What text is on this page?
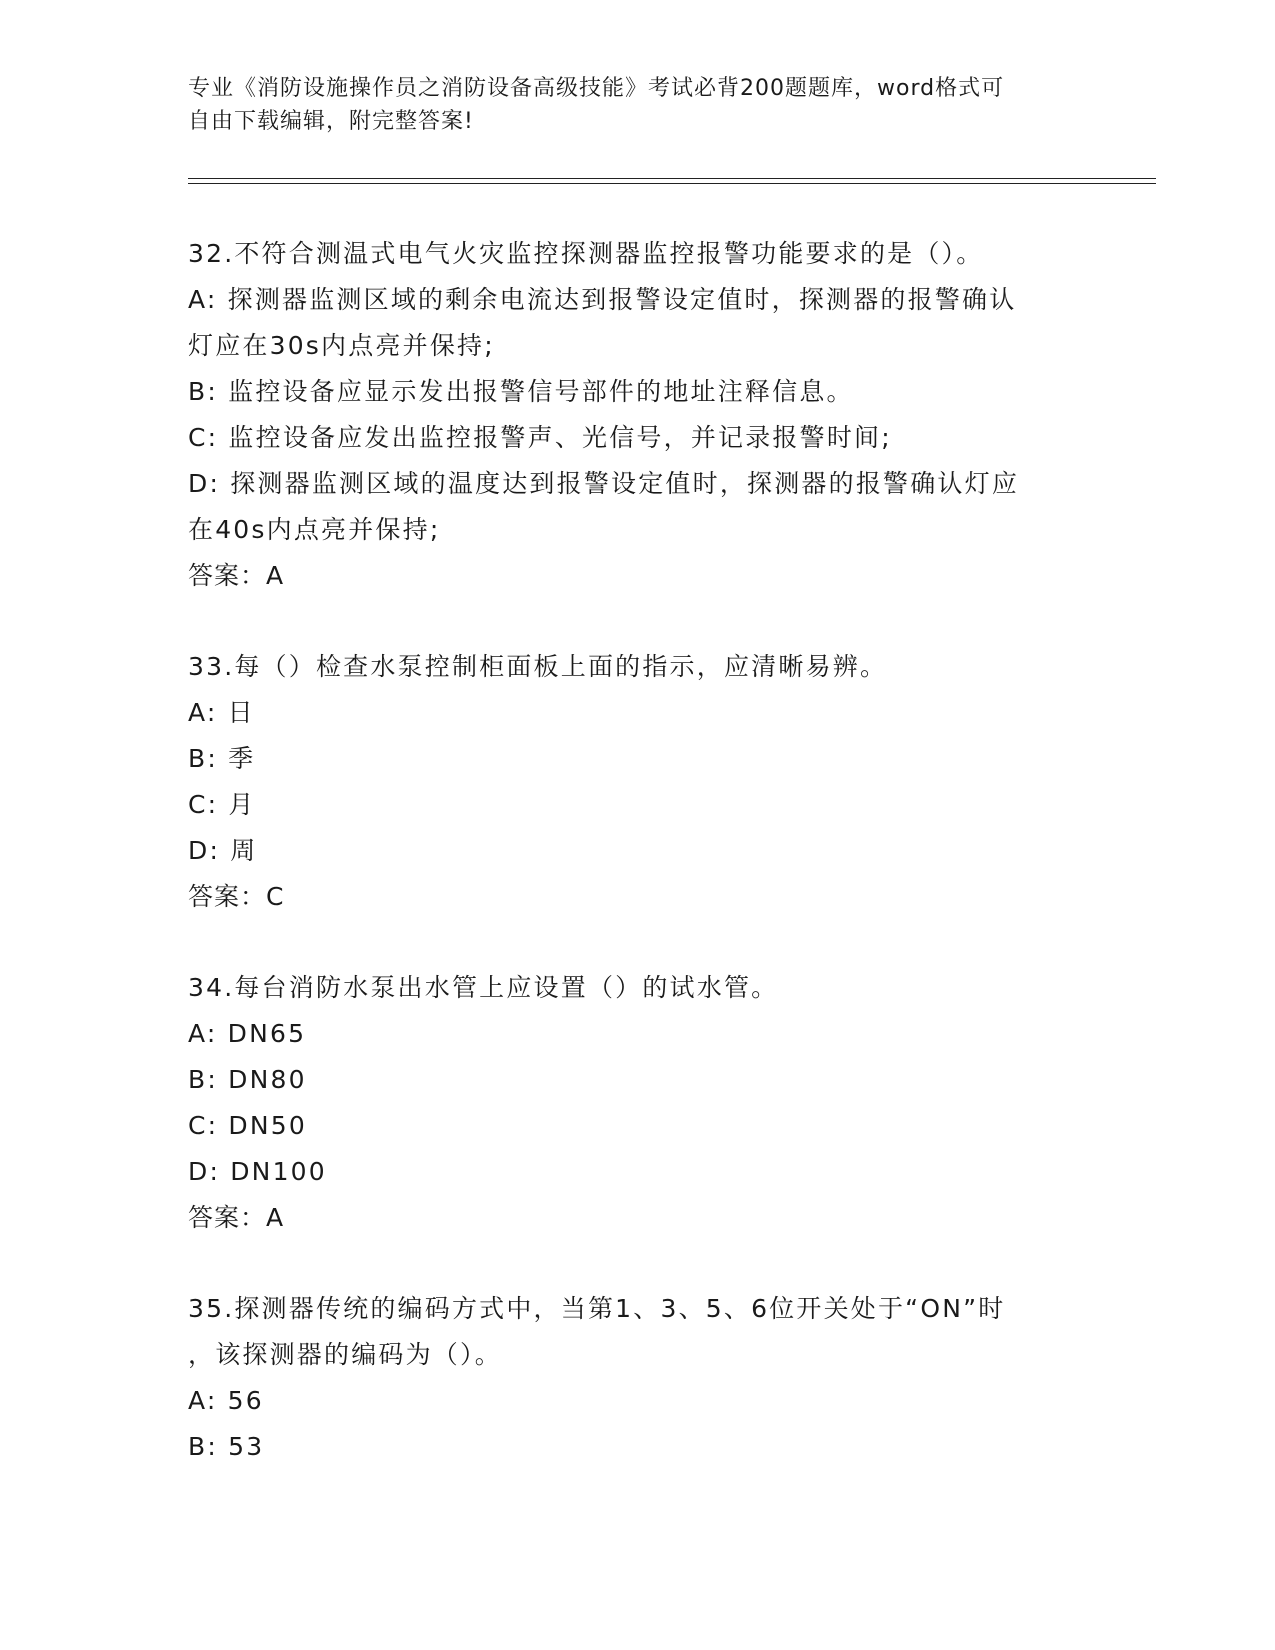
专业《消防设施操作员之消防设备高级技能》考试必背200题题库，word格式可
自由下载编辑，附完整答案!
32.不符合测温式电气火灾监控探测器监控报警功能要求的是（）。
A: 探测器监测区域的剩余电流达到报警设定值时，探测器的报警确认
灯应在30s内点亮并保持;
B: 监控设备应显示发出报警信号部件的地址注释信息。
C: 监控设备应发出监控报警声、光信号，并记录报警时间;
D: 探测器监测区域的温度达到报警设定值时，探测器的报警确认灯应
在40s内点亮并保持;
答案：A
33.每（）检查水泵控制柜面板上面的指示，应清晰易辨。
A: 日
B: 季
C: 月
D: 周
答案：C
34.每台消防水泵出水管上应设置（）的试水管。
A: DN65
B: DN80
C: DN50
D: DN100
答案：A
35.探测器传统的编码方式中，当第1、3、5、6位开关处于“ON”时
，该探测器的编码为（）。
A: 56
B: 53
